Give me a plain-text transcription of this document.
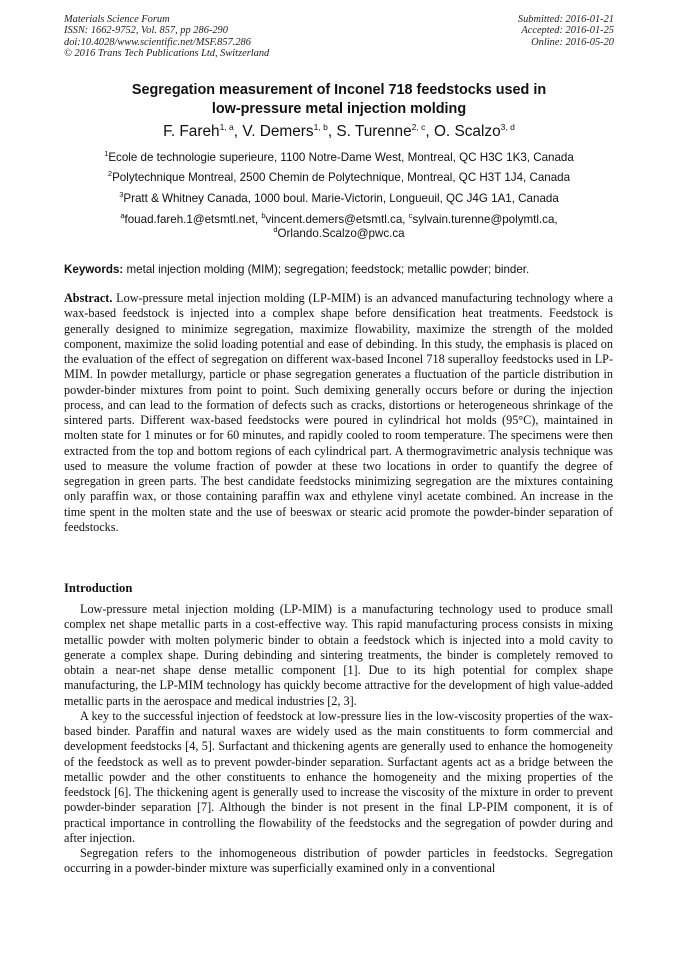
Materials Science Forum
ISSN: 1662-9752, Vol. 857, pp 286-290
doi:10.4028/www.scientific.net/MSF.857.286
© 2016 Trans Tech Publications Ltd, Switzerland
Submitted: 2016-01-21
Accepted: 2016-01-25
Online: 2016-05-20
Segregation measurement of Inconel 718 feedstocks used in
low-pressure metal injection molding
F. Fareh$^{1, a}$, V. Demers$^{1, b}$, S. Turenne$^{2, c}$, O. Scalzo$^{3, d}$
$^1$Ecole de technologie superieure, 1100 Notre-Dame West, Montreal, QC H3C 1K3, Canada
$^2$Polytechnique Montreal, 2500 Chemin de Polytechnique, Montreal, QC H3T 1J4, Canada
$^3$Pratt & Whitney Canada, 1000 boul. Marie-Victorin, Longueuil, QC J4G 1A1, Canada
$^a$fouad.fareh.1@etsmtl.net, $^b$vincent.demers@etsmtl.ca, $^c$sylvain.turenne@polymtl.ca,
$^d$Orlando.Scalzo@pwc.ca
Keywords: metal injection molding (MIM); segregation; feedstock; metallic powder; binder.
Abstract. Low-pressure metal injection molding (LP-MIM) is an advanced manufacturing technology where a wax-based feedstock is injected into a complex shape before densification heat treatments. Feedstock is generally designed to minimize segregation, maximize flowability, maximize the strength of the molded component, maximize the solid loading potential and ease of debinding. In this study, the emphasis is placed on the evaluation of the effect of segregation on different wax-based Inconel 718 superalloy feedstocks used in LP-MIM. In powder metallurgy, particle or phase segregation generates a fluctuation of the particle distribution in powder-binder mixtures from point to point. Such demixing generally occurs before or during the injection process, and can lead to the formation of defects such as cracks, distortions or heterogeneous shrinkage of the sintered parts. Different wax-based feedstocks were poured in cylindrical hot molds (95°C), maintained in molten state for 1 minutes or for 60 minutes, and rapidly cooled to room temperature. The specimens were then extracted from the top and bottom regions of each cylindrical part. A thermogravimetric analysis technique was used to measure the volume fraction of powder at these two locations in order to quantify the degree of segregation in green parts. The best candidate feedstocks minimizing segregation are the mixtures containing only paraffin wax, or those containing paraffin wax and ethylene vinyl acetate combined. An increase in the time spent in the molten state and the use of beeswax or stearic acid promote the powder-binder separation of feedstocks.
Introduction

Low-pressure metal injection molding (LP-MIM) is a manufacturing technology used to produce small complex net shape metallic parts in a cost-effective way. This rapid manufacturing process consists in mixing metallic powder with molten polymeric binder to obtain a feedstock which is injected into a mold cavity to generate a complex shape. During debinding and sintering treatments, the binder is completely removed to obtain a near-net shape dense metallic component [1]. Due to its high potential for complex shape manufacturing, the LP-MIM technology has quickly become attractive for the development of high value-added metallic parts in the aerospace and medical industries [2, 3].

A key to the successful injection of feedstock at low-pressure lies in the low-viscosity properties of the wax-based binder. Paraffin and natural waxes are widely used as the main constituents to form commercial and development feedstocks [4, 5]. Surfactant and thickening agents are generally used to enhance the homogeneity of the feedstock as well as to prevent powder-binder separation. Surfactant agents act as a bridge between the metallic powder and the other constituents to enhance the homogeneity and the mixing properties of the feedstock [6]. The thickening agent is generally used to increase the viscosity of the mixture in order to prevent powder-binder separation [7]. Although the binder is not present in the final LP-PIM component, it is of practical importance in controlling the flowability of the feedstocks and the segregation of powder during and after injection.

Segregation refers to the inhomogeneous distribution of powder particles in feedstocks. Segregation occurring in a powder-binder mixture was superficially examined only in a conventional
